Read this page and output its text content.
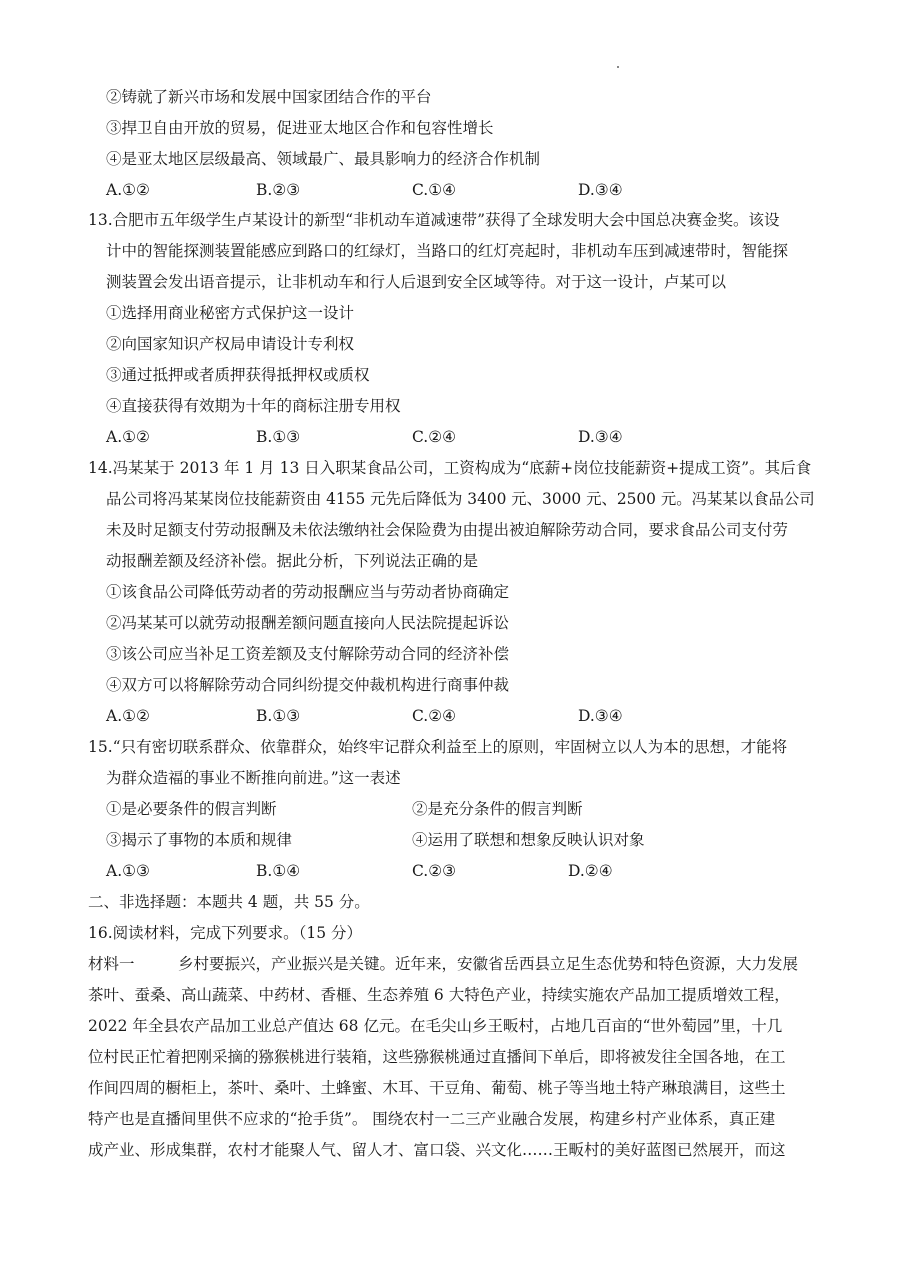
②铸就了新兴市场和发展中国家团结合作的平台
③捍卫自由开放的贸易，促进亚太地区合作和包容性增长
④是亚太地区层级最高、领域最广、最具影响力的经济合作机制
A.①②	B.②③	C.①④	D.③④
13.合肥市五年级学生卢某设计的新型“非机动车道减速带”获得了全球发明大会中国总决赛金奖。该设
计中的智能探测装置能感应到路口的红绿灯，当路口的红灯亮起时，非机动车压到减速带时，智能探
测装置会发出语音提示，让非机动车和行人后退到安全区域等待。对于这一设计，卢某可以
①选择用商业秘密方式保护这一设计
②向国家知识产权局申请设计专利权
③通过抵押或者质押获得抵押权或质权
④直接获得有效期为十年的商标注册专用权
A.①②	B.①③	C.②④	D.③④
14.冯某某于 2013 年 1 月 13 日入职某食品公司，工资构成为“底薪+岗位技能薪资+提成工资”。其后食
品公司将冯某某岗位技能薪资由 4155 元先后降低为 3400 元、3000 元、2500 元。冯某某以食品公司
未及时足额支付劳动报酬及未依法缴纳社会保险费为由提出被迫解除劳动合同，要求食品公司支付劳
动报酬差额及经济补偿。据此分析，下列说法正确的是
①该食品公司降低劳动者的劳动报酬应当与劳动者协商确定
②冯某某可以就劳动报酬差额问题直接向人民法院提起诉讼
③该公司应当补足工资差额及支付解除劳动合同的经济补偿
④双方可以将解除劳动合同纠纷提交仲裁机构进行商事仲裁
A.①②	B.①③	C.②④	D.③④
15.“只有密切联系群众、依靠群众，始终牢记群众利益至上的原则，牢固树立以人为本的思想，才能将
为群众造福的事业不断推向前进。”这一表述
①是必要条件的假言判断	②是充分条件的假言判断
③揭示了事物的本质和规律	④运用了联想和想象反映认识对象
A.①③	B.①④	C.②③	D.②④
二、非选择题：本题共 4 题，共 55 分。
16.阅读材料，完成下列要求。（15 分）
材料一	乡村要振兴，产业振兴是关键。近年来，安徽省岳西县立足生态优势和特色资源，大力发展
茶叶、蚕桑、高山蔬菜、中药材、香榧、生态养殖 6 大特色产业，持续实施农产品加工提质增效工程，
2022 年全县农产品加工业总产值达 68 亿元。在毛尖山乡王畈村，占地几百亩的“世外萄园”里，十几
位村民正忙着把刚采摘的猕猴桃进行装箱，这些猕猴桃通过直播间下单后，即将被发往全国各地，在工
作间四周的橱柜上，茶叶、桑叶、土蜂蜜、木耳、干豆角、葡萄、桃子等当地土特产琳琅满目，这些土
特产也是直播间里供不应求的“抢手货”。 围绕农村一二三产业融合发展，构建乡村产业体系，真正建
成产业、形成集群，农村才能聚人气、留人才、富口袋、兴文化……王畈村的美好蓝图已然展开，而这
